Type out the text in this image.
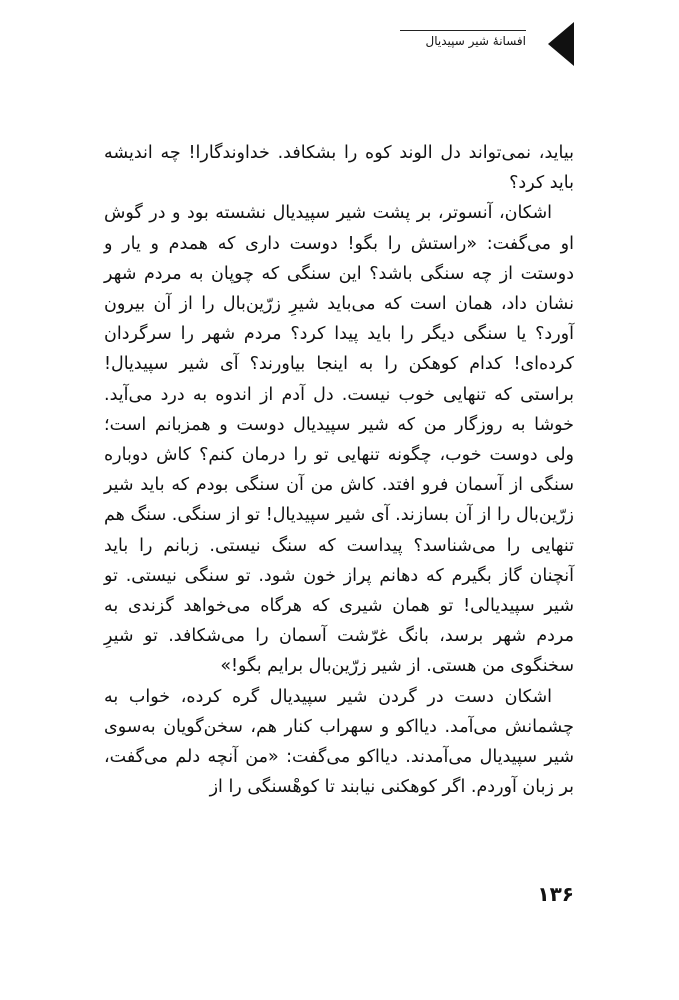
افسانهٔ شیر سپیدیال

بیاید، نمی‌تواند دل الوند کوه را بشکافد. خداوندگارا! چه اندیشه باید کرد؟

اشکان، آنسوتر، بر پشت شیر سپیدیال نشسته بود و در گوش او می‌گفت: «راستش را بگو! دوست داری که همدم و یار و دوستت از چه سنگی باشد؟ این سنگی که چوپان به مردم شهر نشان داد، همان است که می‌باید شیرِ زرّین‌بال را از آن بیرون آورد؟ یا سنگی دیگر را باید پیدا کرد؟ مردم شهر را سرگردان کرده‌ای! کدام کوهکن را به اینجا بیاورند؟ آی شیر سپیدیال! براستی که تنهایی خوب نیست. دل آدم از اندوه به درد می‌آید. خوشا به روزگار من که شیر سپیدیال دوست و همزبانم است؛ ولی دوست خوب، چگونه تنهایی تو را درمان کنم؟ کاش دوباره سنگی از آسمان فرو افتد. کاش من آن سنگی بودم که باید شیر زرّین‌بال را از آن بسازند. آی شیر سپیدیال! تو از سنگی. سنگ هم تنهایی را می‌شناسد؟ پیداست که سنگ نیستی. زبانم را باید آنچنان گاز بگیرم که دهانم پراز خون شود. تو سنگی نیستی. تو شیر سپیدیالی! تو همان شیری که هرگاه می‌خواهد گزندی به مردم شهر برسد، بانگ غرّشت آسمان را می‌شکافد. تو شیرِ سخنگوی من هستی. از شیر زرّین‌بال برایم بگو!»

اشکان دست در گردن شیر سپیدیال گره کرده، خواب به چشمانش می‌آمد. دیااکو و سهراب کنار هم، سخن‌گویان به‌سوی شیر سپیدیال می‌آمدند. دیااکو می‌گفت: «من آنچه دلم می‌گفت، بر زبان آوردم. اگر کوهکنی نیابند تا کوهْسنگی را از

۱۳۶
